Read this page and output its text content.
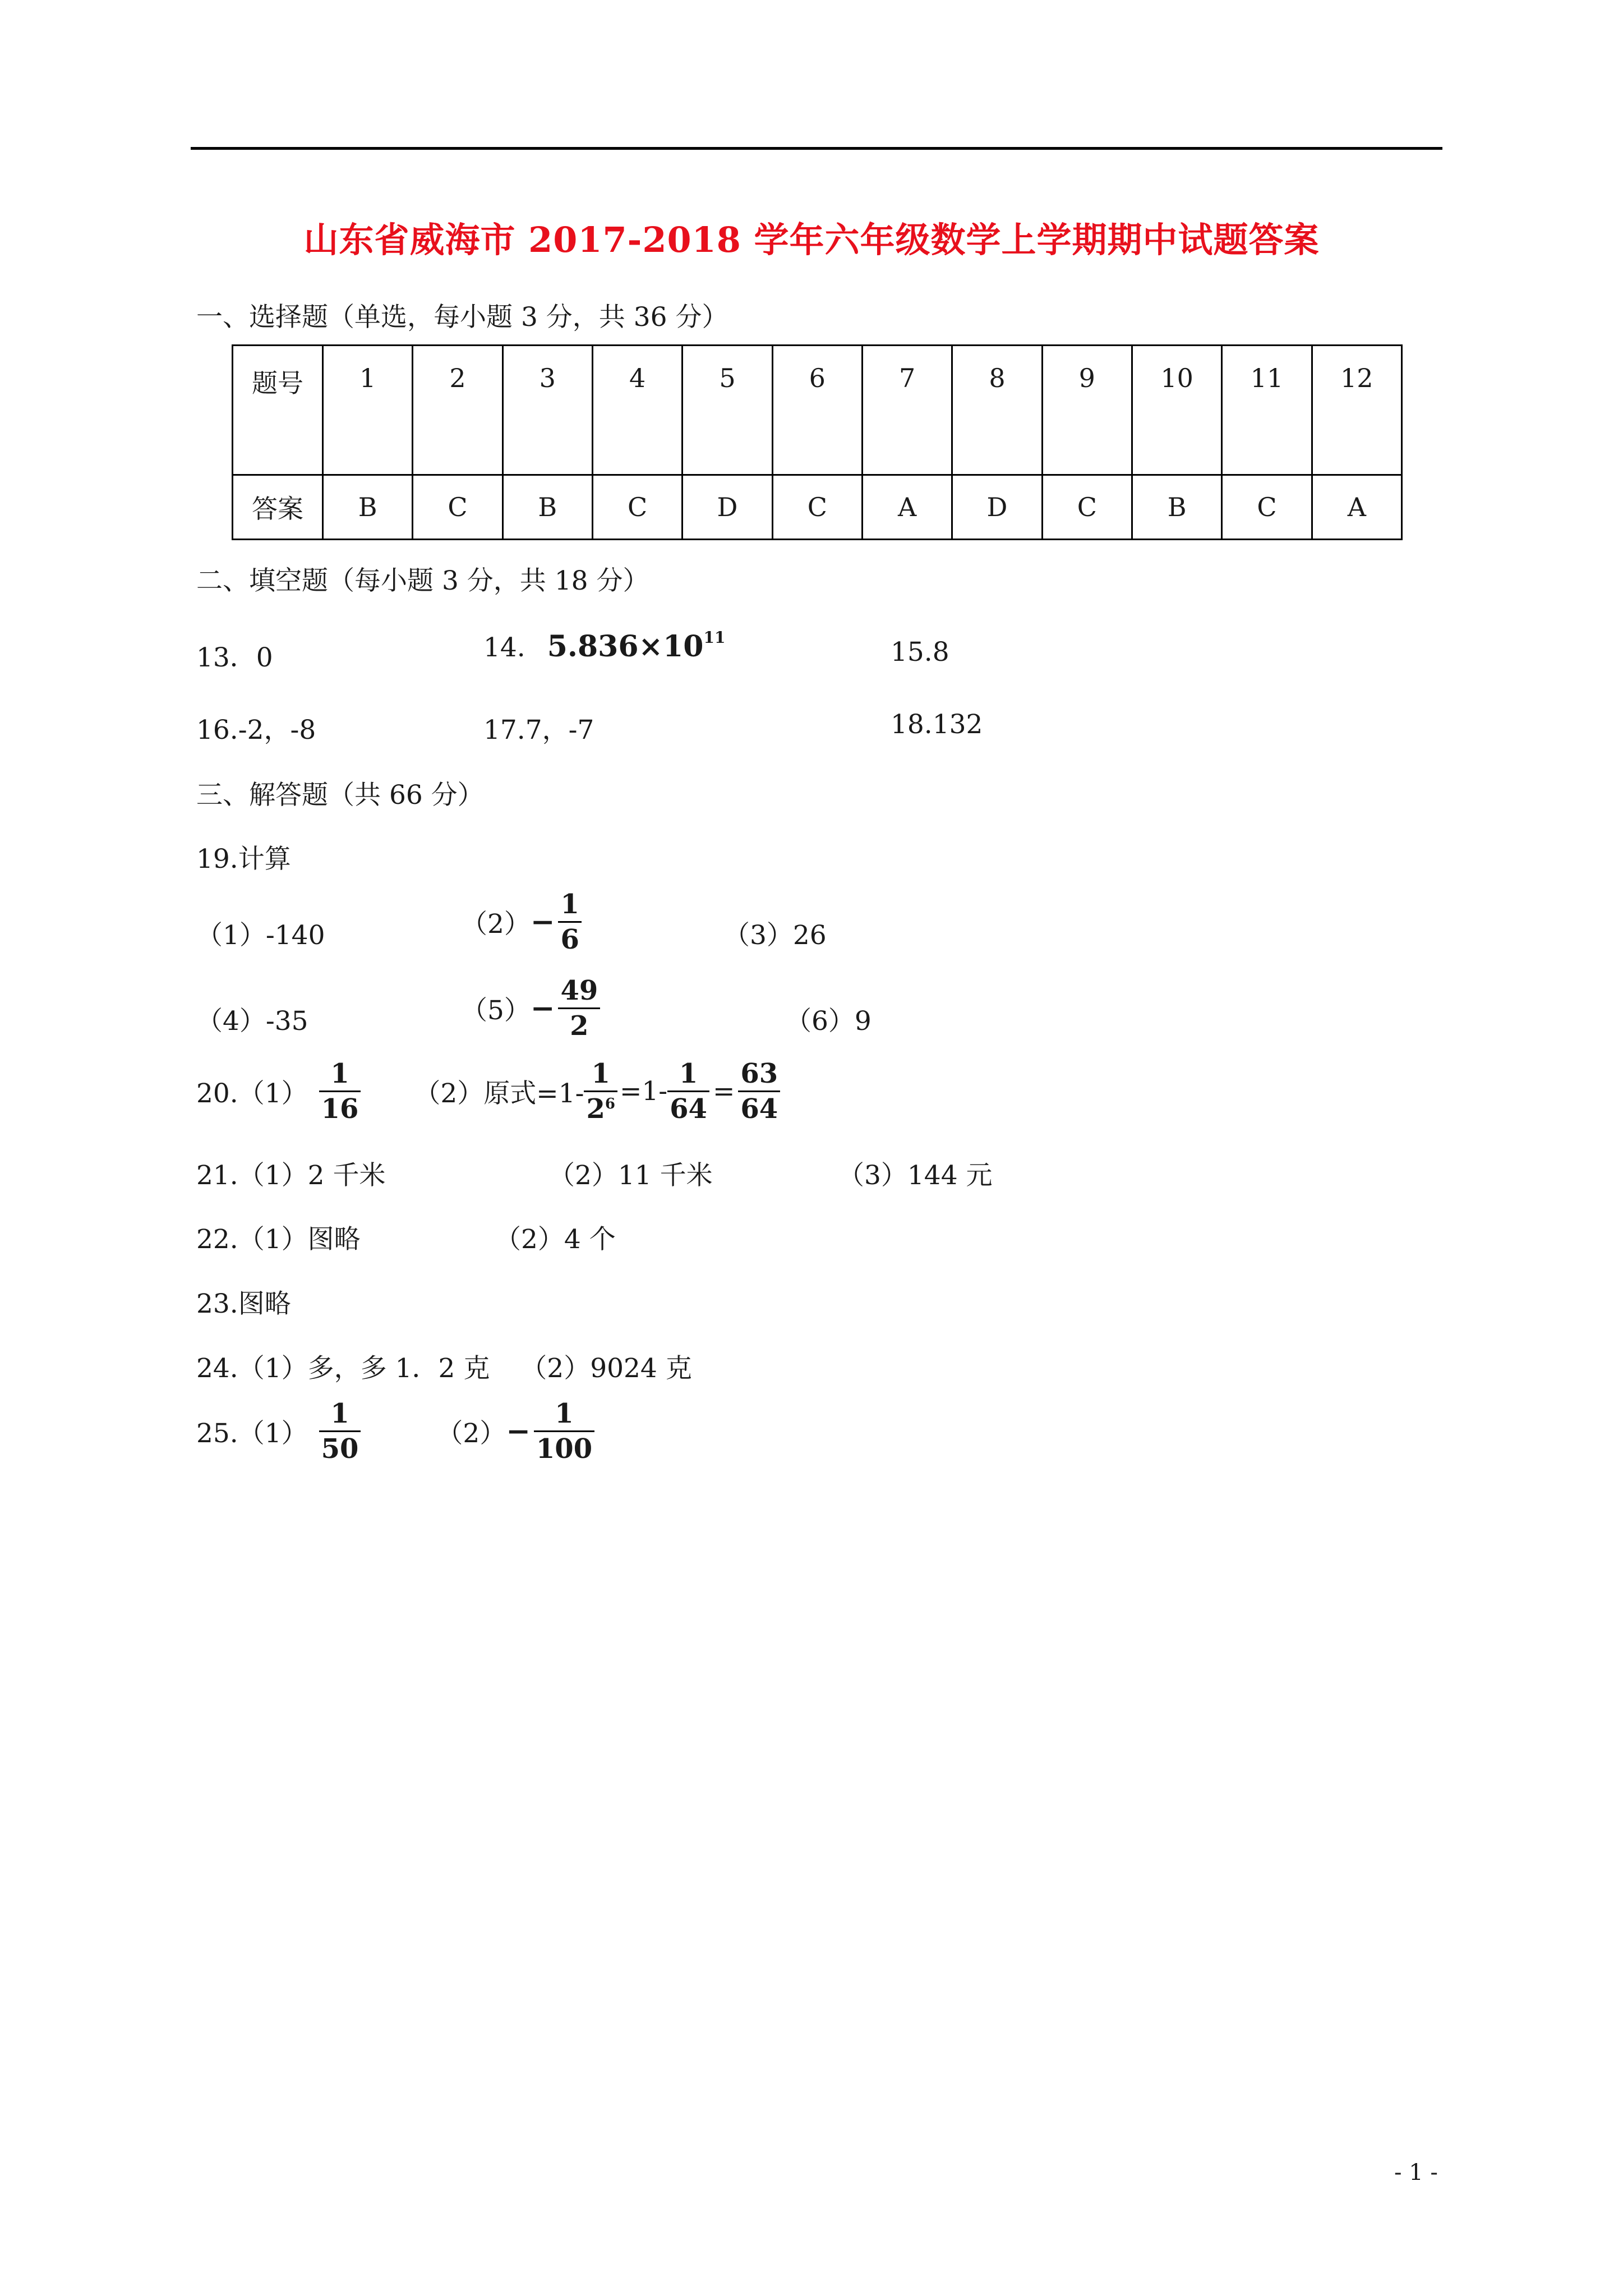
山东省威海市 2017-2018 学年六年级数学上学期期中试题答案
一、选择题（单选，每小题 3 分，共 36 分）
题号	1	2	3	4	5	6	7	8	9	10	11	12
答案	B	C	B	C	D	C	A	D	C	B	C	A
二、填空题（每小题 3 分，共 18 分）
13．0	14. $5.836\times 10^{11}$	15.8
16.-2，-8	17.7，-7	18.132
三、解答题（共 66 分）
19.计算
（1）-140	$(2)- \frac{1}{6}$	（3）26
（4）-35	$(5)- \frac{49}{2}$	（6）9
$20.(1) \frac{1}{16} (2)$原式$=1- \frac{1}{2^6} =1- \frac{1}{64} = \frac{63}{64}$
21.（1）2 千米	（2）11 千米	（3）144 元
22.（1）图略	（2）4 个
23.图略
24.（1）多，多 1．2 克 （2）9024 克
$25.(1) \frac{1}{50}$	$(2)- \frac{1}{100}$
- 1 -
